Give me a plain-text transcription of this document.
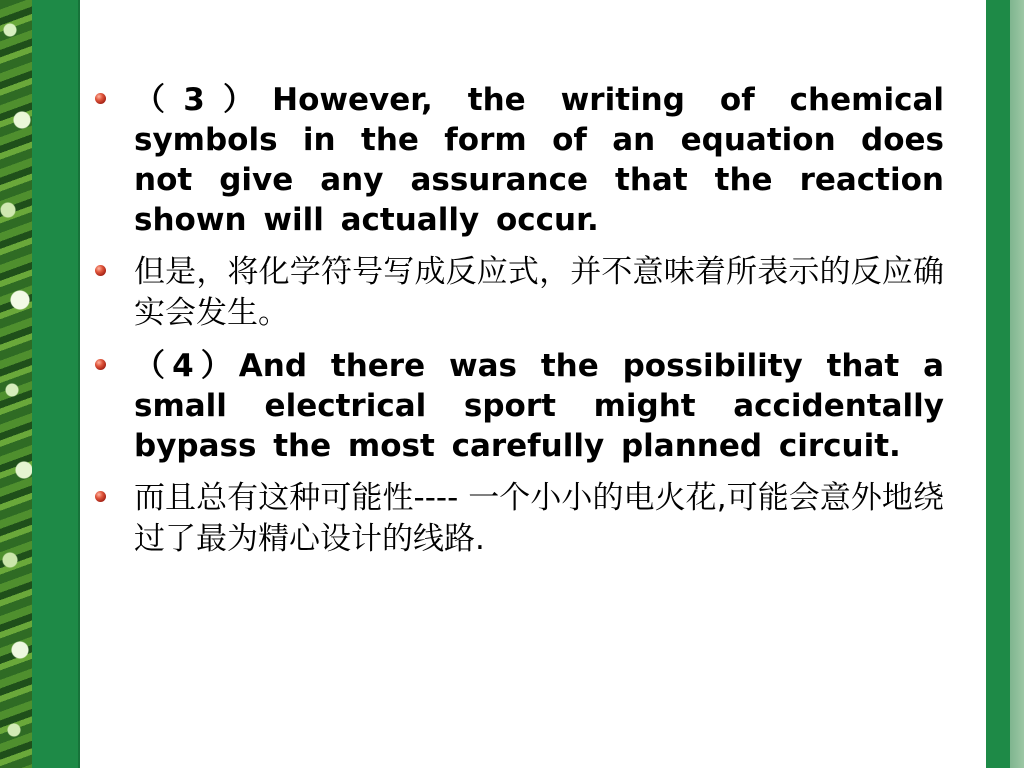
（3）However, the writing of chemical symbols in the form of an equation does not give any assurance that the reaction shown will actually occur.
但是，将化学符号写成反应式，并不意味着所表示的反应确实会发生。
（4）And there was the possibility that a small electrical sport might accidentally bypass the most carefully planned circuit.
而且总有这种可能性---- 一个小小的电火花,可能会意外地绕过了最为精心设计的线路.
